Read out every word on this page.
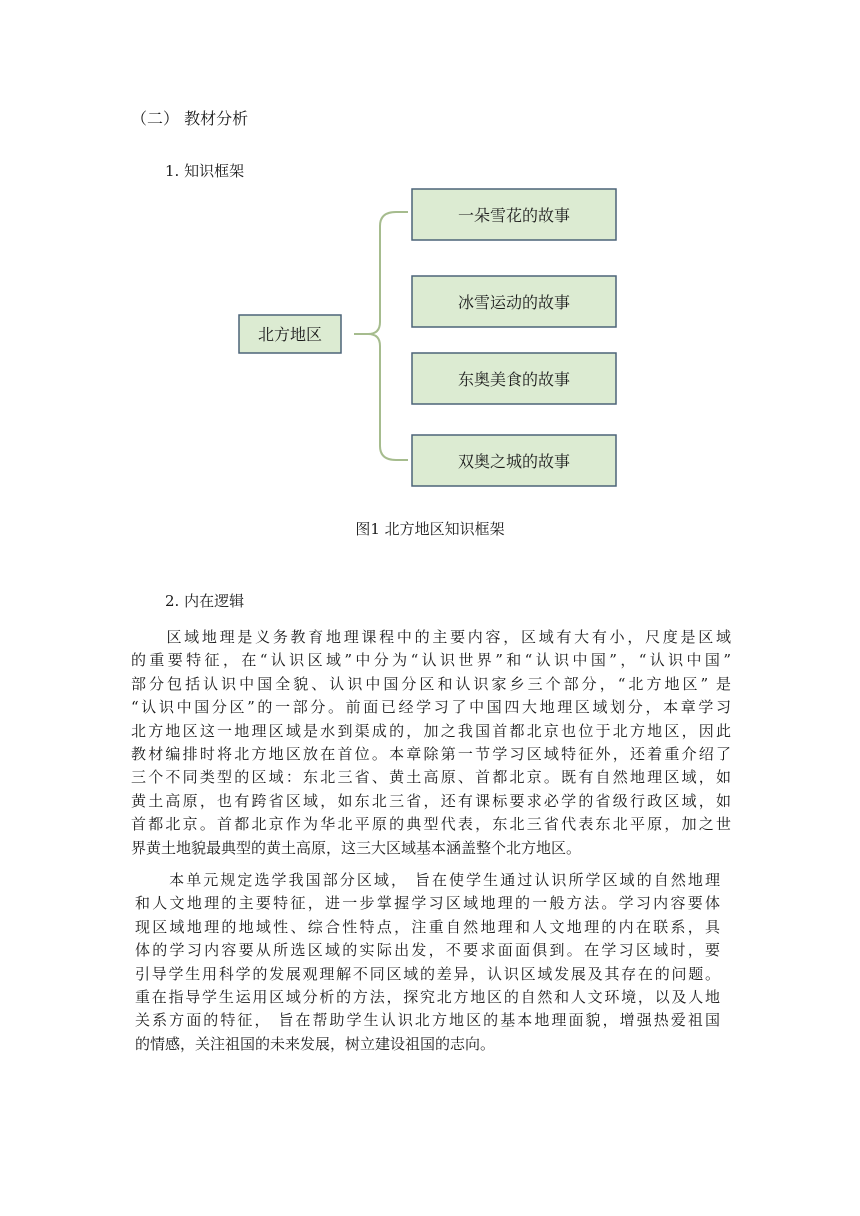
（二） 教材分析
1. 知识框架
北方地区
一朵雪花的故事
冰雪运动的故事
东奥美食的故事
双奥之城的故事
图1 北方地区知识框架
2. 内在逻辑
　　区域地理是义务教育地理课程中的主要内容，区域有大有小，尺度是区域
的重要特征，在“认识区域”中分为“认识世界”和“认识中国”，“认识中国”
部分包括认识中国全貌、认识中国分区和认识家乡三个部分，“北方地区” 是
“认识中国分区”的一部分。前面已经学习了中国四大地理区域划分，本章学习
北方地区这一地理区域是水到渠成的，加之我国首都北京也位于北方地区，因此
教材编排时将北方地区放在首位。本章除第一节学习区域特征外，还着重介绍了
三个不同类型的区域：东北三省、黄土高原、首都北京。既有自然地理区域，如
黄土高原，也有跨省区域，如东北三省，还有课标要求必学的省级行政区域，如
首都北京。首都北京作为华北平原的典型代表，东北三省代表东北平原，加之世
界黄土地貌最典型的黄土高原，这三大区域基本涵盖整个北方地区。
　　本单元规定选学我国部分区域， 旨在使学生通过认识所学区域的自然地理
和人文地理的主要特征，进一步掌握学习区域地理的一般方法。学习内容要体
现区域地理的地域性、综合性特点，注重自然地理和人文地理的内在联系，具
体的学习内容要从所选区域的实际出发，不要求面面俱到。在学习区域时，要
引导学生用科学的发展观理解不同区域的差异，认识区域发展及其存在的问题。
重在指导学生运用区域分析的方法，探究北方地区的自然和人文环境，以及人地
关系方面的特征， 旨在帮助学生认识北方地区的基本地理面貌，增强热爱祖国
的情感，关注祖国的未来发展，树立建设祖国的志向。
